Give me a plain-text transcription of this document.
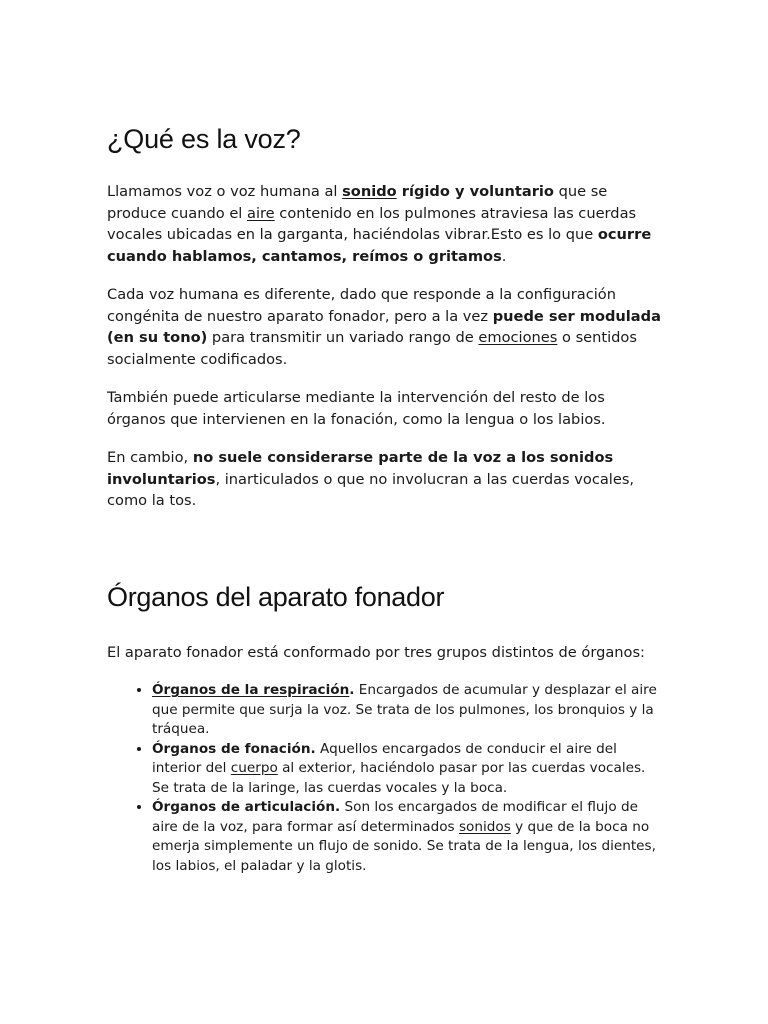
¿Qué es la voz?

Llamamos voz o voz humana al sonido rígido y voluntario que se produce cuando el aire contenido en los pulmones atraviesa las cuerdas vocales ubicadas en la garganta, haciéndolas vibrar.Esto es lo que ocurre cuando hablamos, cantamos, reímos o gritamos.

Cada voz humana es diferente, dado que responde a la configuración congénita de nuestro aparato fonador, pero a la vez puede ser modulada (en su tono) para transmitir un variado rango de emociones o sentidos socialmente codificados.

También puede articularse mediante la intervención del resto de los órganos que intervienen en la fonación, como la lengua o los labios.

En cambio, no suele considerarse parte de la voz a los sonidos involuntarios, inarticulados o que no involucran a las cuerdas vocales, como la tos.

Órganos del aparato fonador

El aparato fonador está conformado por tres grupos distintos de órganos:

• Órganos de la respiración. Encargados de acumular y desplazar el aire que permite que surja la voz. Se trata de los pulmones, los bronquios y la tráquea.
• Órganos de fonación. Aquellos encargados de conducir el aire del interior del cuerpo al exterior, haciéndolo pasar por las cuerdas vocales. Se trata de la laringe, las cuerdas vocales y la boca.
• Órganos de articulación. Son los encargados de modificar el flujo de aire de la voz, para formar así determinados sonidos y que de la boca no emerja simplemente un flujo de sonido. Se trata de la lengua, los dientes, los labios, el paladar y la glotis.
